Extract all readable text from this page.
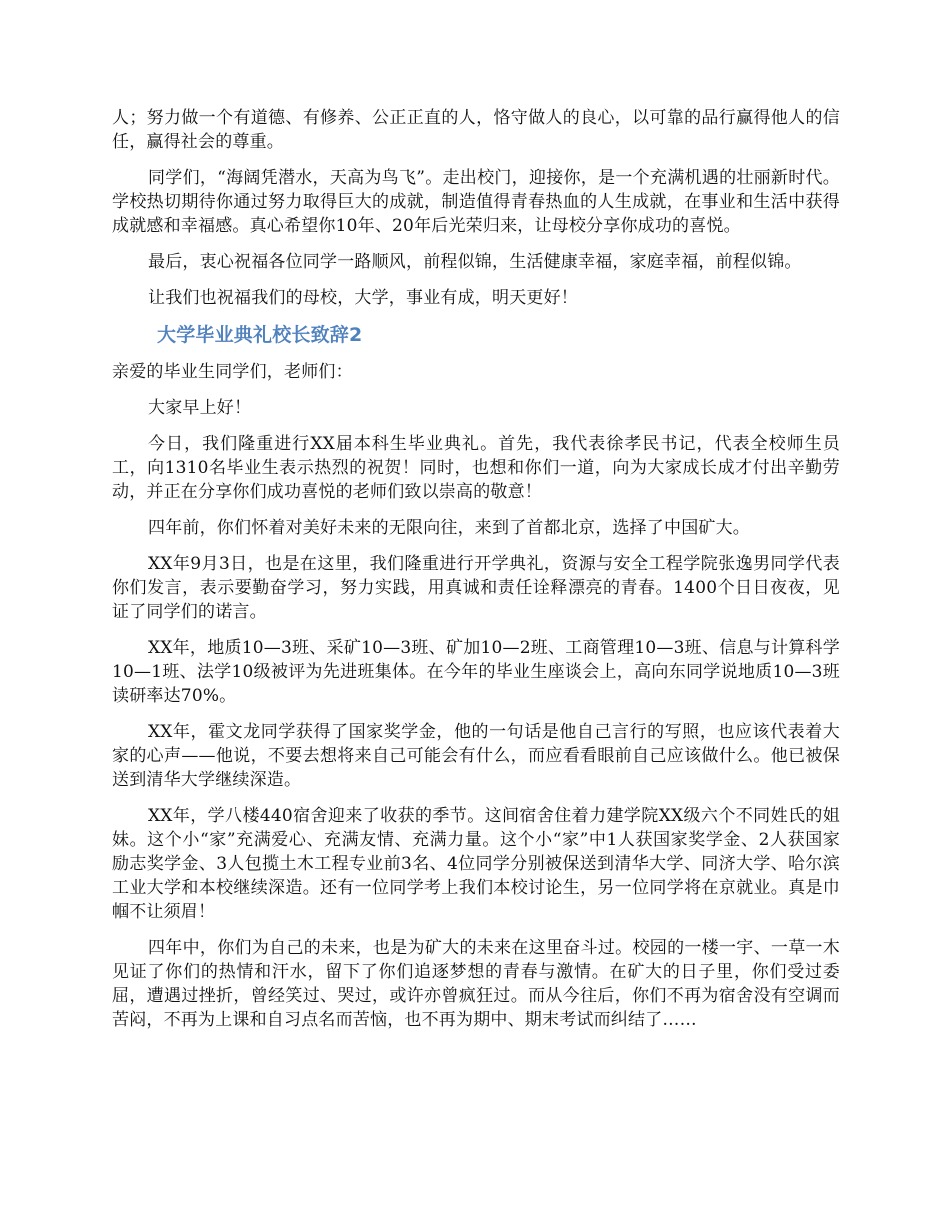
人；努力做一个有道德、有修养、公正正直的人，恪守做人的良心，以可靠的品行赢得他人的信任，赢得社会的尊重。

同学们，“海阔凭潜水，天高为鸟飞”。走出校门，迎接你，是一个充满机遇的壮丽新时代。学校热切期待你通过努力取得巨大的成就，制造值得青春热血的人生成就，在事业和生活中获得成就感和幸福感。真心希望你10年、20年后光荣归来，让母校分享你成功的喜悦。

最后，衷心祝福各位同学一路顺风，前程似锦，生活健康幸福，家庭幸福，前程似锦。

让我们也祝福我们的母校，大学，事业有成，明天更好！

大学毕业典礼校长致辞2

亲爱的毕业生同学们，老师们：

大家早上好！

今日，我们隆重进行XX届本科生毕业典礼。首先，我代表徐孝民书记，代表全校师生员工，向1310名毕业生表示热烈的祝贺！同时，也想和你们一道，向为大家成长成才付出辛勤劳动，并正在分享你们成功喜悦的老师们致以崇高的敬意！

四年前，你们怀着对美好未来的无限向往，来到了首都北京，选择了中国矿大。

XX年9月3日，也是在这里，我们隆重进行开学典礼，资源与安全工程学院张逸男同学代表你们发言，表示要勤奋学习，努力实践，用真诚和责任诠释漂亮的青春。1400个日日夜夜，见证了同学们的诺言。

XX年，地质10—3班、采矿10—3班、矿加10—2班、工商管理10—3班、信息与计算科学10—1班、法学10级被评为先进班集体。在今年的毕业生座谈会上，高向东同学说地质10—3班读研率达70%。

XX年，霍文龙同学获得了国家奖学金，他的一句话是他自己言行的写照，也应该代表着大家的心声——他说，不要去想将来自己可能会有什么，而应看看眼前自己应该做什么。他已被保送到清华大学继续深造。

XX年，学八楼440宿舍迎来了收获的季节。这间宿舍住着力建学院XX级六个不同姓氏的姐妹。这个小“家”充满爱心、充满友情、充满力量。这个小“家”中1人获国家奖学金、2人获国家励志奖学金、3人包揽土木工程专业前3名、4位同学分别被保送到清华大学、同济大学、哈尔滨工业大学和本校继续深造。还有一位同学考上我们本校讨论生，另一位同学将在京就业。真是巾帼不让须眉！

四年中，你们为自己的未来，也是为矿大的未来在这里奋斗过。校园的一楼一宇、一草一木见证了你们的热情和汗水，留下了你们追逐梦想的青春与激情。在矿大的日子里，你们受过委屈，遭遇过挫折，曾经笑过、哭过，或许亦曾疯狂过。而从今往后，你们不再为宿舍没有空调而苦闷，不再为上课和自习点名而苦恼，也不再为期中、期末考试而纠结了……
